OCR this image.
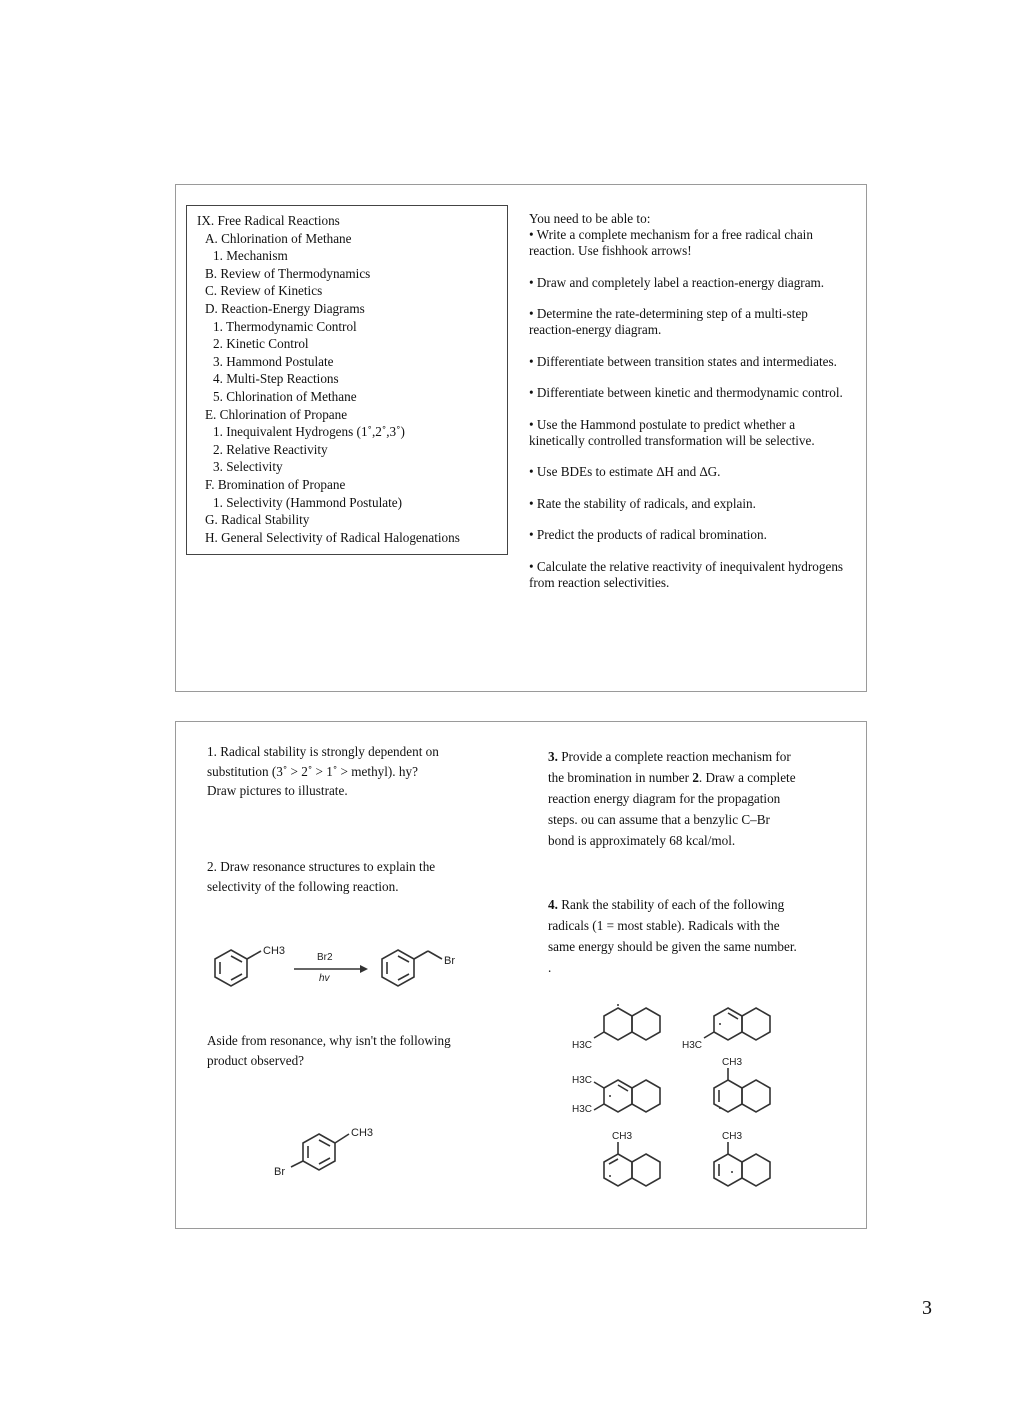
IX. Free Radical Reactions
A. Chlorination of Methane
1. Mechanism
B. Review of Thermodynamics
C. Review of Kinetics
D. Reaction-Energy Diagrams
1. Thermodynamic Control
2. Kinetic Control
3. Hammond Postulate
4. Multi-Step Reactions
5. Chlorination of Methane
E. Chlorination of Propane
1. Inequivalent Hydrogens (1˚,2˚,3˚)
2. Relative Reactivity
3. Selectivity
F. Bromination of Propane
1. Selectivity (Hammond Postulate)
G. Radical Stability
H. General Selectivity of Radical Halogenations
You need to be able to:
• Write a complete mechanism for a free radical chain reaction. Use fishhook arrows!
• Draw and completely label a reaction-energy diagram.
• Determine the rate-determining step of a multi-step reaction-energy diagram.
• Differentiate between transition states and intermediates.
• Differentiate between kinetic and thermodynamic control.
• Use the Hammond postulate to predict whether a kinetically controlled transformation will be selective.
• Use BDEs to estimate ∆H and ∆G.
• Rate the stability of radicals, and explain.
• Predict the products of radical bromination.
• Calculate the relative reactivity of inequivalent hydrogens from reaction selectivities.
1. Radical stability is strongly dependent on
substitution (3˚ > 2˚ > 1˚ > methyl). hy?
Draw pictures to illustrate.
2. Draw resonance structures to explain the
selectivity of the following reaction.
CH3
Br2
hv
Br
Aside from resonance, why isn't the following
product observed?
CH3
Br
3. Provide a complete reaction mechanism for
the bromination in number 2. Draw a complete
reaction energy diagram for the propagation
steps. ou can assume that a benzylic C–Br
bond is approximately 68 kcal/mol.
4. Rank the stability of each of the following
radicals (1 = most stable). Radicals with the
same energy should be given the same number.
.
H3C	H3C
H3C
H3C
CH3
CH3	CH3
3
